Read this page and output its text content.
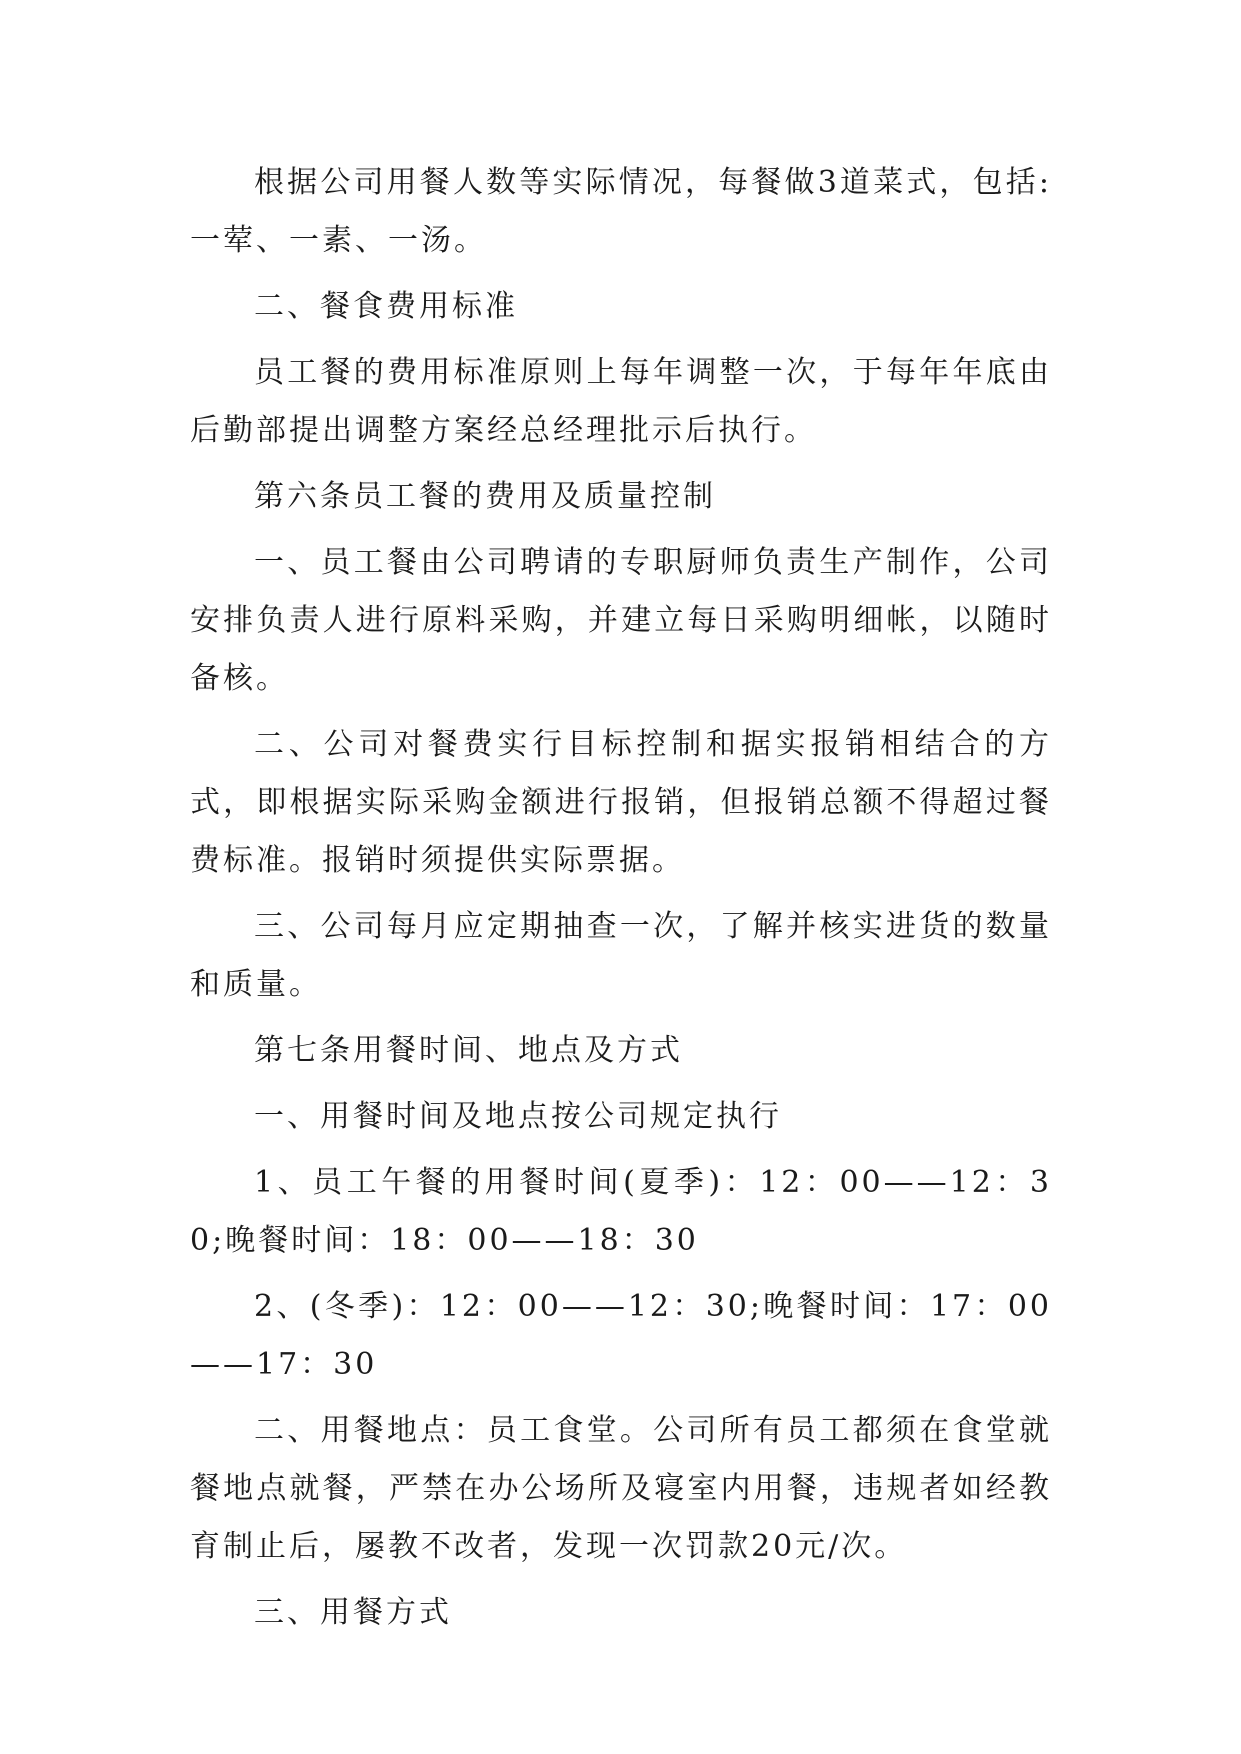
根据公司用餐人数等实际情况，每餐做3道菜式，包括:一荤、一素、一汤。

二、餐食费用标准

员工餐的费用标准原则上每年调整一次，于每年年底由后勤部提出调整方案经总经理批示后执行。

第六条员工餐的费用及质量控制

一、员工餐由公司聘请的专职厨师负责生产制作，公司安排负责人进行原料采购，并建立每日采购明细帐，以随时备核。

二、公司对餐费实行目标控制和据实报销相结合的方式，即根据实际采购金额进行报销，但报销总额不得超过餐费标准。报销时须提供实际票据。

三、公司每月应定期抽查一次，了解并核实进货的数量和质量。

第七条用餐时间、地点及方式

一、用餐时间及地点按公司规定执行

1、员工午餐的用餐时间(夏季)：12：00——12：30;晚餐时间：18：00——18：30

2、(冬季)：12：00——12：30;晚餐时间：17：00——17：30

二、用餐地点：员工食堂。公司所有员工都须在食堂就餐地点就餐，严禁在办公场所及寝室内用餐，违规者如经教育制止后，屡教不改者，发现一次罚款20元/次。

三、用餐方式
